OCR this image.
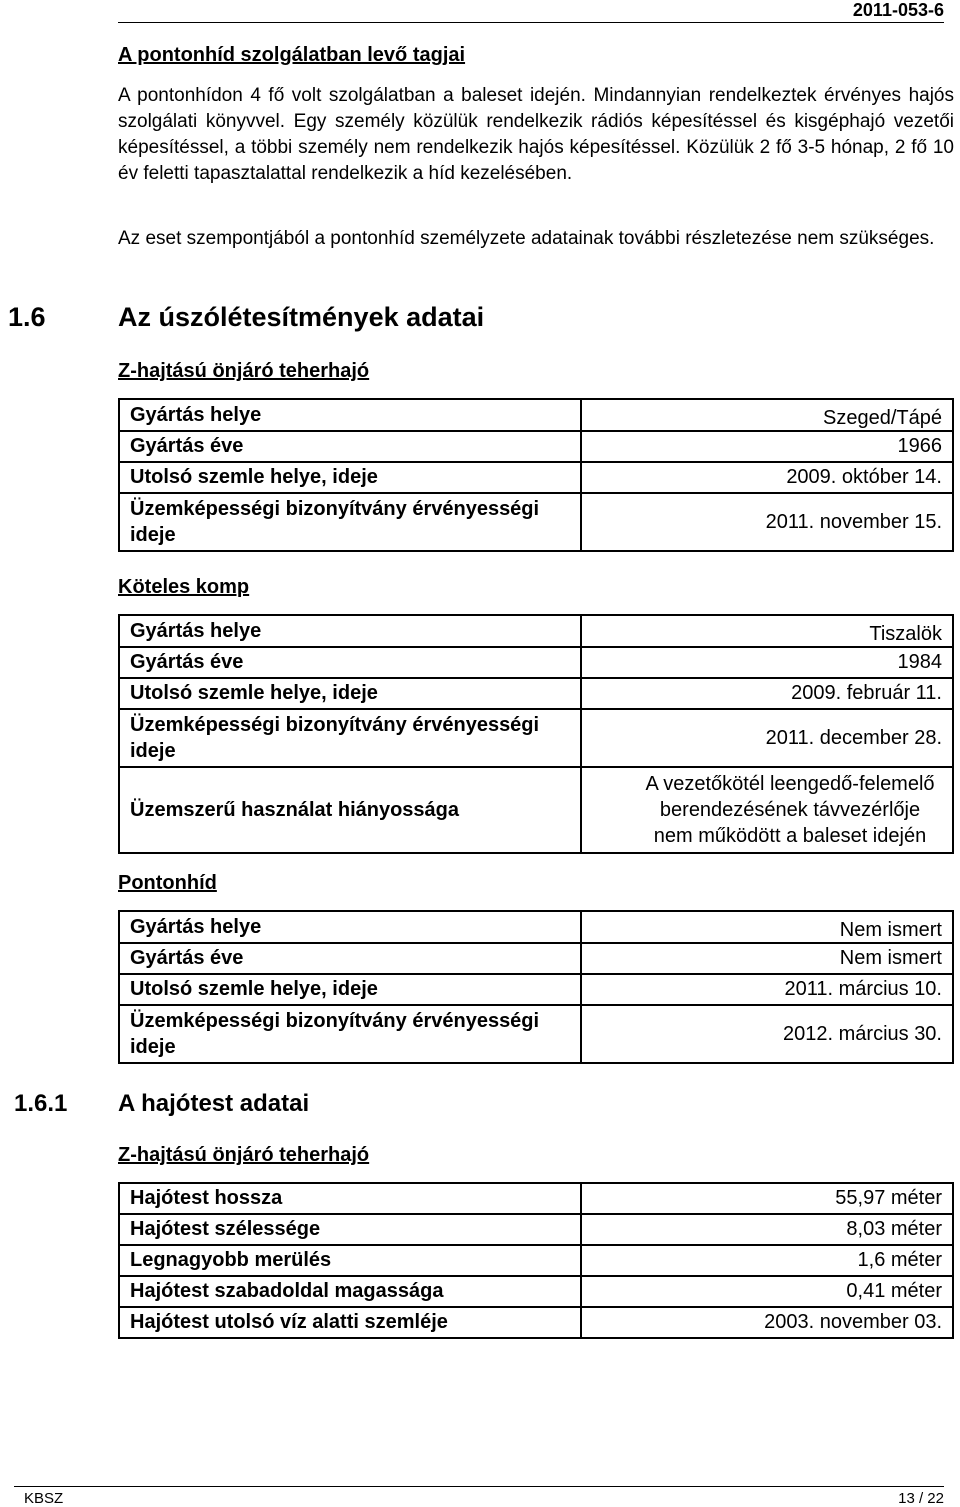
2011-053-6
A pontonhíd szolgálatban levő tagjai
A pontonhídon 4 fő volt szolgálatban a baleset idején. Mindannyian rendelkeztek érvényes hajós szolgálati könyvvel. Egy személy közülük rendelkezik rádiós képesítéssel és kisgéphajó vezetői képesítéssel, a többi személy nem rendelkezik hajós képesítéssel. Közülük 2 fő 3-5 hónap, 2 fő 10 év feletti tapasztalattal rendelkezik a híd kezelésében.
Az eset szempontjából a pontonhíd személyzete adatainak további részletezése nem szükséges.
1.6	Az úszólétesítmények adatai
Z-hajtású önjáró teherhajó
Gyártás helye	Szeged/Tápé
Gyártás éve	1966
Utolsó szemle helye, ideje	2009. október 14.
Üzemképességi bizonyítvány érvényességi ideje	2011. november 15.
Köteles komp
Gyártás helye	Tiszalök
Gyártás éve	1984
Utolsó szemle helye, ideje	2009. február 11.
Üzemképességi bizonyítvány érvényességi ideje	2011. december 28.
Üzemszerű használat hiányossága	A vezetőkötél leengedő-felemelő berendezésének távvezérlője nem működött a baleset idején
Pontonhíd
Gyártás helye	Nem ismert
Gyártás éve	Nem ismert
Utolsó szemle helye, ideje	2011. március 10.
Üzemképességi bizonyítvány érvényességi ideje	2012. március 30.
1.6.1 A hajótest adatai
Z-hajtású önjáró teherhajó
Hajótest hossza	55,97 méter
Hajótest szélessége	8,03 méter
Legnagyobb merülés	1,6 méter
Hajótest szabadoldal magassága	0,41 méter
Hajótest utolsó víz alatti szemléje	2003. november 03.
KBSZ	13 / 22
